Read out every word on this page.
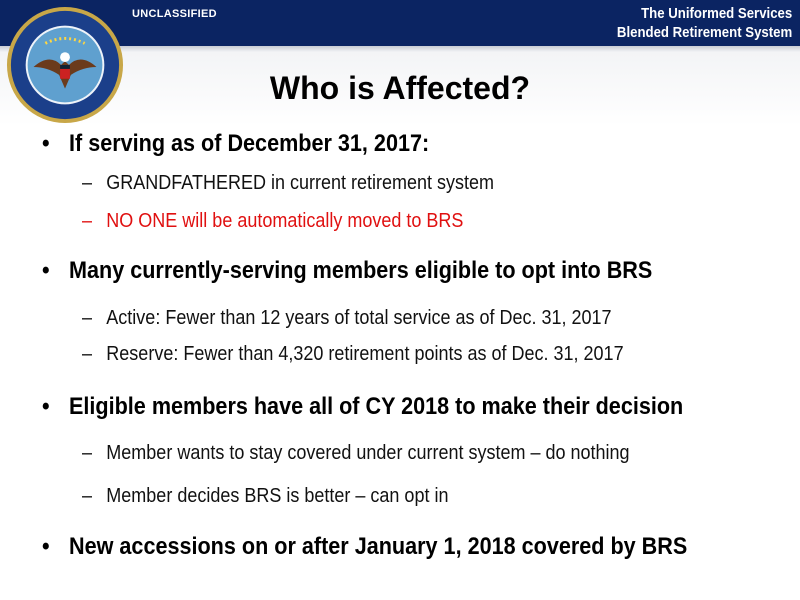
UNCLASSIFIED	The Uniformed Services
Blended Retirement System
Who is Affected?
• If serving as of December 31, 2017:
– GRANDFATHERED in current retirement system
– NO ONE will be automatically moved to BRS
• Many currently-serving members eligible to opt into BRS
– Active: Fewer than 12 years of total service as of Dec. 31, 2017
– Reserve: Fewer than 4,320 retirement points as of Dec. 31, 2017
• Eligible members have all of CY 2018 to make their decision
– Member wants to stay covered under current system – do nothing
– Member decides BRS is better – can opt in
• New accessions on or after January 1, 2018 covered by BRS
